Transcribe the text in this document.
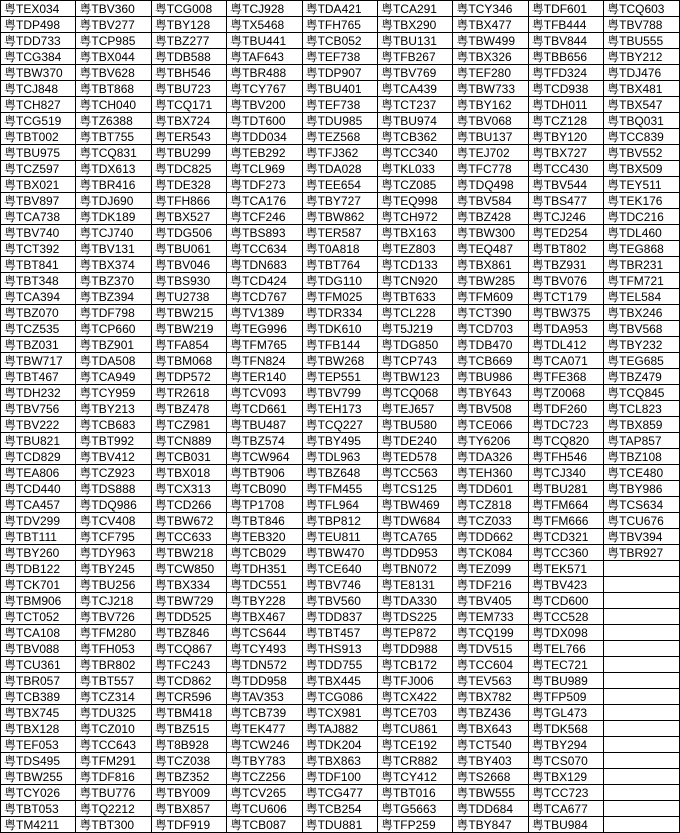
粤TEX034	粤TBV360	粤TCG008	粤TCJ928	粤TDA421	粤TCA291	粤TCY346	粤TDF601	粤TCQ603
粤TDP498	粤TBV277	粤TBY128	粤TX5468	粤TFH765	粤TBX290	粤TBX477	粤TFB444	粤TBV788
粤TDD733	粤TCP985	粤TBZ277	粤TBU441	粤TCB052	粤TBU131	粤TBW499	粤TBV844	粤TBU555
粤TCG384	粤TBX044	粤TDB588	粤TAF643	粤TEF738	粤TFB267	粤TBX326	粤TBB656	粤TBY212
粤TBW370	粤TBV628	粤TBH546	粤TBR488	粤TDP907	粤TBV769	粤TEF280	粤TFD324	粤TDJ476
粤TCJ848	粤TBT868	粤TBU723	粤TCY767	粤TBU401	粤TCA439	粤TBW733	粤TCD938	粤TBX481
粤TCH827	粤TCH040	粤TCQ171	粤TBV200	粤TEF738	粤TCT237	粤TBY162	粤TDH011	粤TBX547
粤TCG519	粤TZ6388	粤TBX724	粤TDT600	粤TDU985	粤TBU974	粤TBV068	粤TCZ128	粤TBQ031
粤TBT002	粤TBT755	粤TER543	粤TDD034	粤TEZ568	粤TCB362	粤TBU137	粤TBY120	粤TCC839
粤TBU975	粤TCQ831	粤TBU299	粤TEB292	粤TFJ362	粤TCC340	粤TEJ702	粤TBX727	粤TBV552
粤TCZ597	粤TDX613	粤TDC825	粤TCL969	粤TDA028	粤TKL033	粤TFC778	粤TCC430	粤TBX509
粤TBX021	粤TBR416	粤TDE328	粤TDF273	粤TEE654	粤TCZ085	粤TDQ498	粤TBV544	粤TEY511
粤TBV897	粤TDJ690	粤TFH866	粤TCA176	粤TBY727	粤TEQ998	粤TBV584	粤TBS477	粤TEK176
粤TCA738	粤TDK189	粤TBX527	粤TCF246	粤TBW862	粤TCH972	粤TBZ428	粤TCJ246	粤TDC216
粤TBV740	粤TCJ740	粤TDG506	粤TBS893	粤TER587	粤TBX163	粤TBW300	粤TED254	粤TDL460
粤TCT392	粤TBV131	粤TBU061	粤TCC634	粤T0A818	粤TEZ803	粤TEQ487	粤TBT802	粤TEG868
粤TBT841	粤TBX374	粤TBV046	粤TDN683	粤TBT764	粤TCD133	粤TBX861	粤TBZ931	粤TBR231
粤TBT348	粤TBZ370	粤TBS930	粤TCD424	粤TDG110	粤TCN920	粤TBW285	粤TBV076	粤TFM721
粤TCA394	粤TBZ394	粤TU2738	粤TCD767	粤TFM025	粤TBT633	粤TFM609	粤TCT179	粤TEL584
粤TBZ070	粤TDF798	粤TBW215	粤TV1389	粤TDR334	粤TCL228	粤TCT390	粤TBW375	粤TBX246
粤TCZ535	粤TCP660	粤TBW219	粤TEG996	粤TDK610	粤T5J219	粤TCD703	粤TDA953	粤TBV568
粤TBZ031	粤TBZ901	粤TFA854	粤TFM765	粤TFB144	粤TDG850	粤TDB470	粤TDL412	粤TBY232
粤TBW717	粤TDA508	粤TBM068	粤TFN824	粤TBW268	粤TCP743	粤TCB669	粤TCA071	粤TEG685
粤TBT467	粤TCA949	粤TDP572	粤TER140	粤TEP551	粤TBW123	粤TBU986	粤TFE368	粤TBZ479
粤TDH232	粤TCY959	粤TR2618	粤TCV093	粤TBV799	粤TCQ068	粤TBY643	粤TZ0068	粤TCQ845
粤TBV756	粤TBY213	粤TBZ478	粤TCD661	粤TEH173	粤TEJ657	粤TBV508	粤TDF260	粤TCL823
粤TBV222	粤TCB683	粤TCZ981	粤TBU487	粤TCQ227	粤TBU580	粤TCE066	粤TDC723	粤TBX859
粤TBU821	粤TBT992	粤TCN889	粤TBZ574	粤TBY495	粤TDE240	粤TY6206	粤TCQ820	粤TAP857
粤TCD829	粤TBV412	粤TCB031	粤TCW964	粤TDL963	粤TED578	粤TDA326	粤TFH546	粤TBZ108
粤TEA806	粤TCZ923	粤TBX018	粤TBT906	粤TBZ648	粤TCC563	粤TEH360	粤TCJ340	粤TCE480
粤TCD440	粤TDS888	粤TCX313	粤TCB090	粤TFM455	粤TCS125	粤TDD601	粤TBU281	粤TBY986
粤TCA457	粤TDQ986	粤TCD266	粤TP1708	粤TFL964	粤TBW469	粤TCZ818	粤TFM664	粤TCS634
粤TDV299	粤TCV408	粤TBW672	粤TBT846	粤TBP812	粤TDW684	粤TCZ033	粤TFM666	粤TCU676
粤TBT111	粤TCF795	粤TCC633	粤TEB320	粤TEU811	粤TCA765	粤TDD662	粤TCD321	粤TBV394
粤TBY260	粤TDY963	粤TBW218	粤TCB029	粤TBW470	粤TDD953	粤TCK084	粤TCC360	粤TBR927
粤TDB122	粤TBY245	粤TCW850	粤TDH351	粤TCE640	粤TBN072	粤TEZ099	粤TEK571	
粤TCK701	粤TBU256	粤TBX334	粤TDC551	粤TBV746	粤TE8131	粤TDF216	粤TBV423	
粤TBM906	粤TCJ218	粤TBW729	粤TBY228	粤TBV560	粤TDA330	粤TBV405	粤TCD600	
粤TCT052	粤TBV726	粤TDD525	粤TBX467	粤TDD837	粤TDS225	粤TEM733	粤TCC528	
粤TCA108	粤TFM280	粤TBZ846	粤TCS644	粤TBT457	粤TEP872	粤TCQ199	粤TDX098	
粤TBV088	粤TFH053	粤TCQ867	粤TCY493	粤THS913	粤TDD988	粤TDV515	粤TEL766	
粤TCU361	粤TBR802	粤TFC243	粤TDN572	粤TDD755	粤TCB172	粤TCC604	粤TEC721	
粤TBR057	粤TBT557	粤TCD862	粤TDD958	粤TBX445	粤TFJ006	粤TEV563	粤TBU989	
粤TCB389	粤TCZ314	粤TCR596	粤TAV353	粤TCG086	粤TCX422	粤TBX782	粤TFP509	
粤TBX745	粤TDU325	粤TBM418	粤TCB739	粤TCX981	粤TCE703	粤TBZ436	粤TGL473	
粤TBX128	粤TCZ010	粤TBZ515	粤TEK477	粤TAJ882	粤TCU861	粤TBX643	粤TDK568	
粤TEF053	粤TCC643	粤T8B928	粤TCW246	粤TDK204	粤TCE192	粤TCT540	粤TBY294	
粤TDS495	粤TFM291	粤TCZ038	粤TBY783	粤TBX863	粤TCR882	粤TBY403	粤TCS070	
粤TBW255	粤TDF816	粤TBZ352	粤TCZ256	粤TDF100	粤TCY412	粤TS2668	粤TBX129	
粤TCY026	粤TBU776	粤TBY009	粤TCV265	粤TCG477	粤TBT016	粤TBW555	粤TCC723	
粤TBT053	粤TQ2212	粤TBX857	粤TCU606	粤TCB254	粤TG5663	粤TDD684	粤TCA677	
粤TM4211	粤TBT300	粤TDF919	粤TCB087	粤TDU881	粤TFP259	粤TBY847	粤TBU984	
